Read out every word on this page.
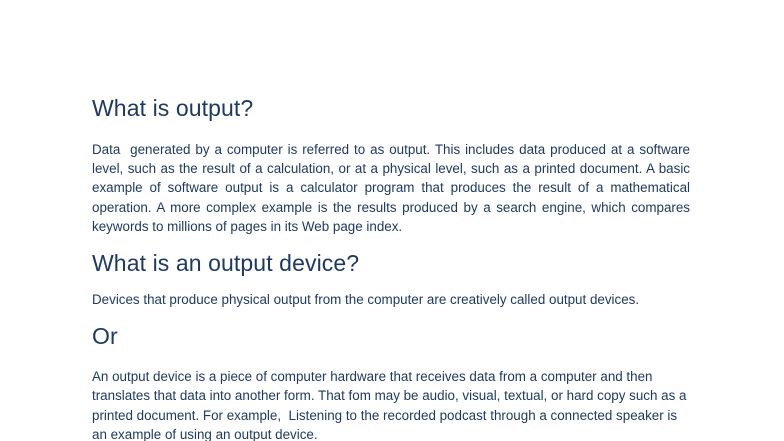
What is output?

Data  generated by a computer is referred to as output. This includes data produced at a software level, such as the result of a calculation, or at a physical level, such as a printed document. A basic example of software output is a calculator program that produces the result of a mathematical operation. A more complex example is the results produced by a search engine, which compares keywords to millions of pages in its Web page index.

What is an output device?

Devices that produce physical output from the computer are creatively called output devices.

Or

An output device is a piece of computer hardware that receives data from a computer and then translates that data into another form. That fom may be audio, visual, textual, or hard copy such as a printed document. For example,  Listening to the recorded podcast through a connected speaker is an example of using an output device.
